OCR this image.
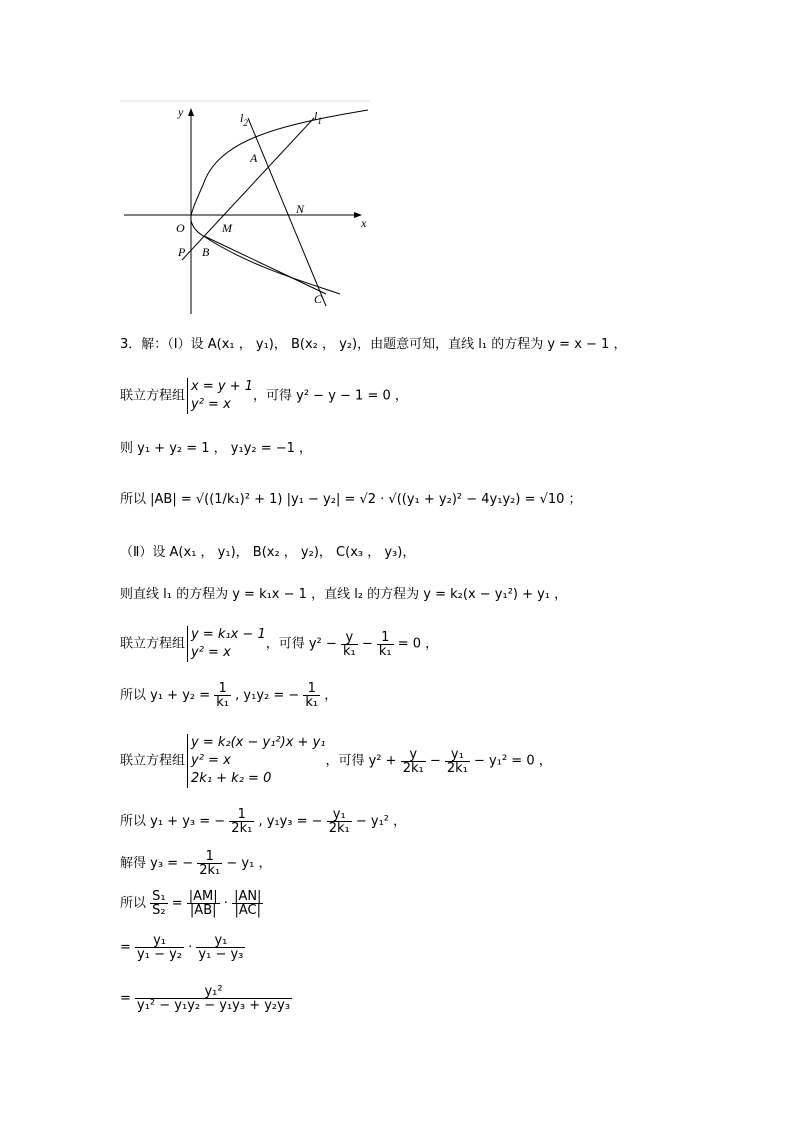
y
x
$l_2$	$l_1$
A
N
O	M
P B
C
3．解：（Ⅰ）设 A(x₁ ， y₁)， B(x₂ ， y₂)，由题意可知，直线 l₁ 的方程为 y = x − 1 ，
联立方程组
x = y + 1
y² = x
，可得 y² − y − 1 = 0 ，
则 y₁ + y₂ = 1 ， y₁y₂ = −1 ，
所以 |AB| = √((1/k₁)² + 1) |y₁ − y₂| = √2 · √((y₁ + y₂)² − 4y₁y₂) = √10 ；
（Ⅱ）设 A(x₁ ， y₁)， B(x₂ ， y₂)， C(x₃ ， y₃)，
则直线 l₁ 的方程为 y = k₁x − 1 ，直线 l₂ 的方程为 y = k₂(x − y₁²) + y₁ ，
联立方程组
y = k₁x − 1
y² = x
，可得 $y^2 - \frac{y}{\text{k₁}} - \frac{1}{\text{k₁}} = 0$ ，
所以 $y_1 + y_2 = \frac{1}{\text{k₁}}$ , y₁y₂ = − $\frac{1}{\text{k₁}}$ ，
联立方程组
y = k₂(x − y₁²)x + y₁
y² = x
2k₁ + k₂ = 0
，可得 $y^2 + \frac{y}{\text{2k₁}} - \frac{\text{y₁}}{\text{2k₁}} - y_1^2 = 0$ ，
所以 y₁ + y₃ = − $\frac{1}{\text{2k₁}}$ , y₁y₃ = − $\frac{\text{y₁}}{\text{2k₁}} - y_1^2$ ，
解得 y₃ = − $\frac{1}{\text{2k₁}} - y_1$ ，
所以 $\frac{\text{S₁}}{\text{S₂}} = \frac{|AM|}{|AB|} \cdot \frac{|AN|}{|AC|}$
= $\frac{\text{y₁}}{\text{y₁ − y₂}} \cdot \frac{\text{y₁}}{\text{y₁ − y₃}}$
= $\frac{\text{y₁²}}{\text{y₁² − y₁y₂ − y₁y₃ + y₂y₃}}$
